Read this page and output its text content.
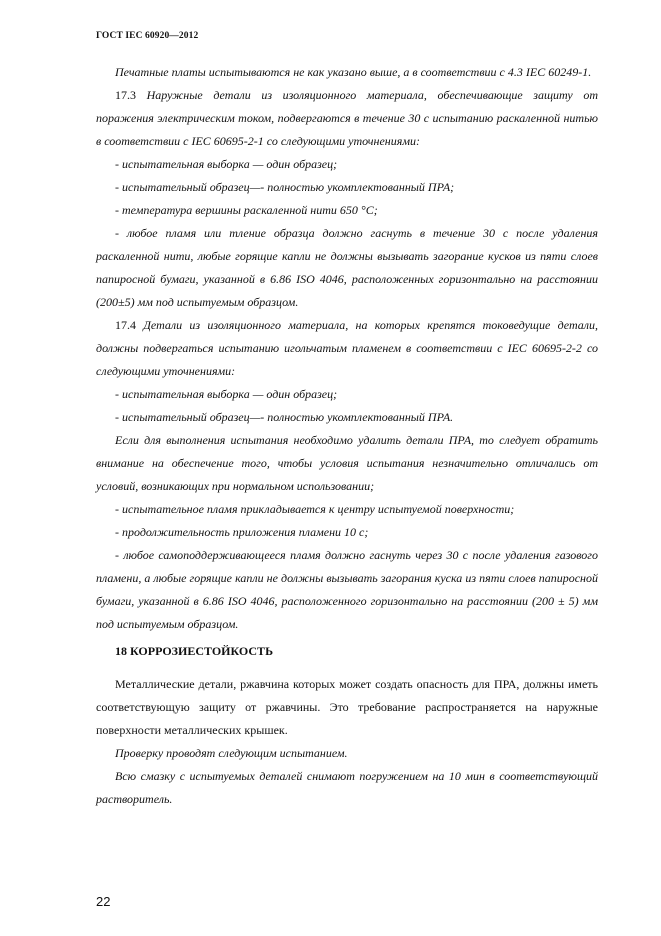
ГОСТ IEC 60920—2012

Печатные платы испытываются не как указано выше, а в соответствии с 4.3 IEC 60249-1.

17.3 Наружные детали из изоляционного материала, обеспечивающие защиту от поражения электрическим током, подвергаются в течение 30 с испытанию раскаленной нитью в соответствии с IEC 60695-2-1 со следующими уточнениями:

- испытательная выборка — один образец;

- испытательный образец—- полностью укомплектованный ПРА;

- температура вершины раскаленной нити 650 °С;

- любое пламя или тление образца должно гаснуть в течение 30 с после удаления раскаленной нити, любые горящие капли не должны вызывать загорание кусков из пяти слоев папиросной бумаги, указанной в 6.86 ISO 4046, расположенных горизонтально на расстоянии (200±5) мм под испытуемым образцом.

17.4 Детали из изоляционного материала, на которых крепятся токоведущие детали, должны подвергаться испытанию игольчатым пламенем в соответствии с IEC 60695-2-2 со следующими уточнениями:

- испытательная выборка — один образец;

- испытательный образец—- полностью укомплектованный ПРА.

Если для выполнения испытания необходимо удалить детали ПРА, то следует обратить внимание на обеспечение того, чтобы условия испытания незначительно отличались от условий, возникающих при нормальном использовании;

- испытательное пламя прикладывается к центру испытуемой поверхности;

- продолжительность приложения пламени 10 с;

- любое самоподдерживающееся пламя должно гаснуть через 30 с после удаления газового пламени, а любые горящие капли не должны вызывать загорания куска из пяти слоев папиросной бумаги, указанной в 6.86 ISO 4046, расположенного горизонтально на расстоянии (200 ± 5) мм под испытуемым образцом.

18 КОРРОЗИЕСТОЙКОСТЬ

Металлические детали, ржавчина которых может создать опасность для ПРА, должны иметь соответствующую защиту от ржавчины. Это требование распространяется на наружные поверхности металлических крышек.

Проверку проводят следующим испытанием.

Всю смазку с испытуемых деталей снимают погружением на 10 мин в соответствующий растворитель.

22
